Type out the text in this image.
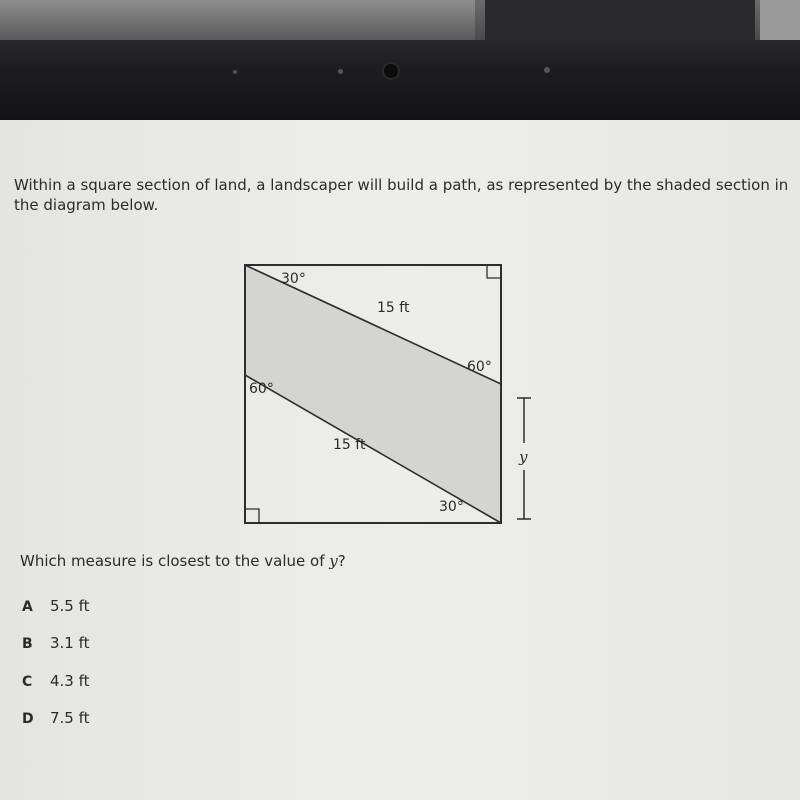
Within a square section of land, a landscaper will build a path, as represented by the shaded section in the diagram below.

30°
15 ft
60°
60°
15 ft
30°
y

Which measure is closest to the value of y?

A 5.5 ft
B 3.1 ft
C 4.3 ft
D 7.5 ft
